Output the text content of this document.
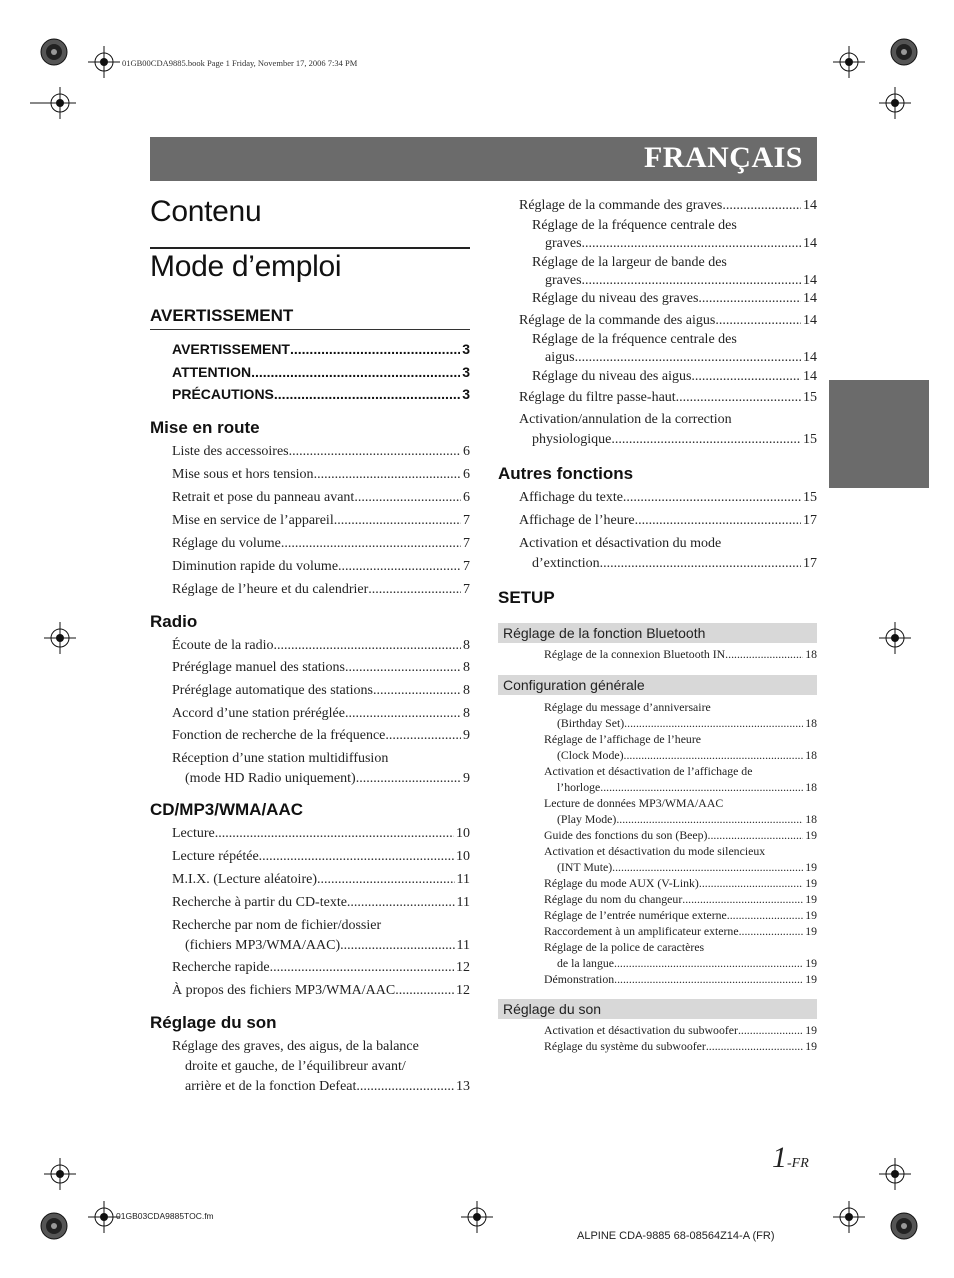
01GB00CDA9885.book Page 1 Friday, November 17, 2006 7:34 PM
FRANÇAIS
Contenu
Mode d’emploi
AVERTISSEMENT
AVERTISSEMENT .....	3
ATTENTION .....	3
PRÉCAUTIONS .....	3
Mise en route
Liste des accessoires .....	6
Mise sous et hors tension .....	6
Retrait et pose du panneau avant .....	6
Mise en service de l’appareil .....	7
Réglage du volume .....	7
Diminution rapide du volume .....	7
Réglage de l’heure et du calendrier .....	7
Radio
Écoute de la radio .....	8
Préréglage manuel des stations .....	8
Préréglage automatique des stations .....	8
Accord d’une station préréglée .....	8
Fonction de recherche de la fréquence .....	9
Réception d’une station multidiffusion
(mode HD Radio uniquement) .....	9
CD/MP3/WMA/AAC
Lecture .....	10
Lecture répétée .....	10
M.I.X. (Lecture aléatoire) .....	11
Recherche à partir du CD-texte .....	11
Recherche par nom de fichier/dossier
(fichiers MP3/WMA/AAC) .....	11
Recherche rapide .....	12
À propos des fichiers MP3/WMA/AAC .....	12
Réglage du son
Réglage des graves, des aigus, de la balance
droite et gauche, de l’équilibreur avant/
arrière et de la fonction Defeat .....	13
Réglage de la commande des graves .....	14
Réglage de la fréquence centrale des
graves .....	14
Réglage de la largeur de bande des
graves .....	14
Réglage du niveau des graves .....	14
Réglage de la commande des aigus .....	14
Réglage de la fréquence centrale des
aigus .....	14
Réglage du niveau des aigus .....	14
Réglage du filtre passe-haut .....	15
Activation/annulation de la correction
physiologique .....	15
Autres fonctions
Affichage du texte .....	15
Affichage de l’heure .....	17
Activation et désactivation du mode
d’extinction .....	17
SETUP
Réglage de la fonction Bluetooth
Réglage de la connexion Bluetooth IN .....	18
Configuration générale
Réglage du message d’anniversaire
(Birthday Set) .....	18
Réglage de l’affichage de l’heure
(Clock Mode) .....	18
Activation et désactivation de l’affichage de
l’horloge .....	18
Lecture de données MP3/WMA/AAC
(Play Mode) .....	18
Guide des fonctions du son (Beep) .....	19
Activation et désactivation du mode silencieux
(INT Mute) .....	19
Réglage du mode AUX (V-Link) .....	19
Réglage du nom du changeur .....	19
Réglage de l’entrée numérique externe .....	19
Raccordement à un amplificateur externe .....	19
Réglage de la police de caractères
de la langue .....	19
Démonstration .....	19
Réglage du son
Activation et désactivation du subwoofer .....	19
Réglage du système du subwoofer .....	19
1-FR
01GB03CDA9885TOC.fm
ALPINE CDA-9885 68-08564Z14-A (FR)
